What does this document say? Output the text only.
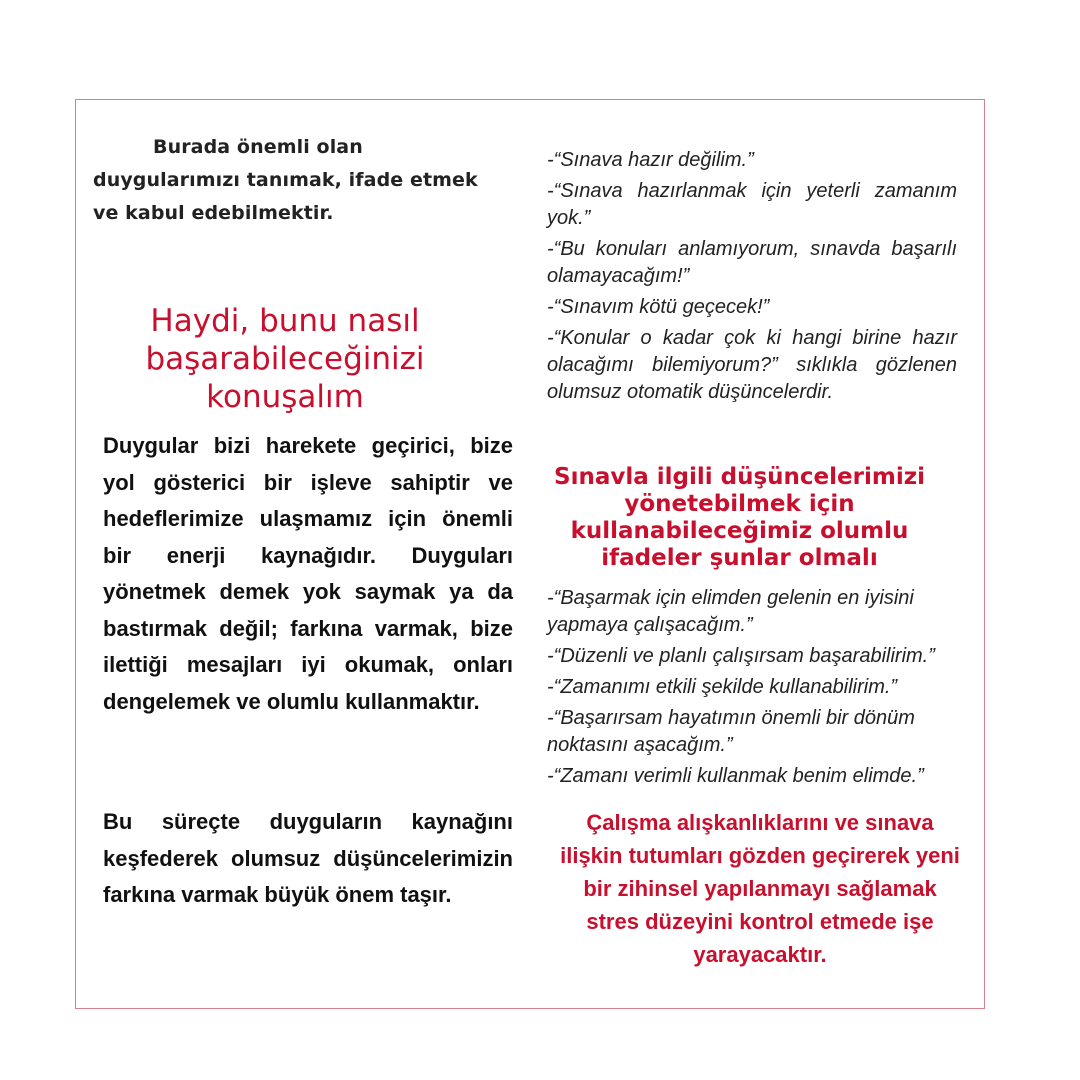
Burada önemli olan duygularımızı tanımak, ifade etmek ve kabul edebilmektir.

Haydi, bunu nasıl başarabileceğinizi konuşalım

Duygular bizi harekete geçirici, bize yol gösterici bir işleve sahiptir ve hedeflerimize ulaşmamız için önemli bir enerji kaynağıdır. Duyguları yönetmek demek yok saymak ya da bastırmak değil; farkına varmak, bize ilettiği mesajları iyi okumak, onları dengelemek ve olumlu kullanmaktır.

Bu süreçte duyguların kaynağını keşfederek olumsuz düşüncelerimizin farkına varmak büyük önem taşır.

-“Sınava hazır değilim.”
-“Sınava hazırlanmak için yeterli zamanım yok.”
-“Bu konuları anlamıyorum, sınavda başarılı olamayacağım!”
-“Sınavım kötü geçecek!”
-“Konular o kadar çok ki hangi birine hazır olacağımı bilemiyorum?” sıklıkla gözlenen olumsuz otomatik düşüncelerdir.
Sınavla ilgili düşüncelerimizi yönetebilmek için kullanabileceğimiz olumlu ifadeler şunlar olmalı
-“Başarmak için elimden gelenin en iyisini yapmaya çalışacağım.”
-“Düzenli ve planlı çalışırsam başarabilirim.”
-“Zamanımı etkili şekilde kullanabilirim.”
-“Başarırsam hayatımın önemli bir dönüm noktasını aşacağım.”
-“Zamanı verimli kullanmak benim elimde.”

Çalışma alışkanlıklarını ve sınava ilişkin tutumları gözden geçirerek yeni bir zihinsel yapılanmayı sağlamak stres düzeyini kontrol etmede işe yarayacaktır.
